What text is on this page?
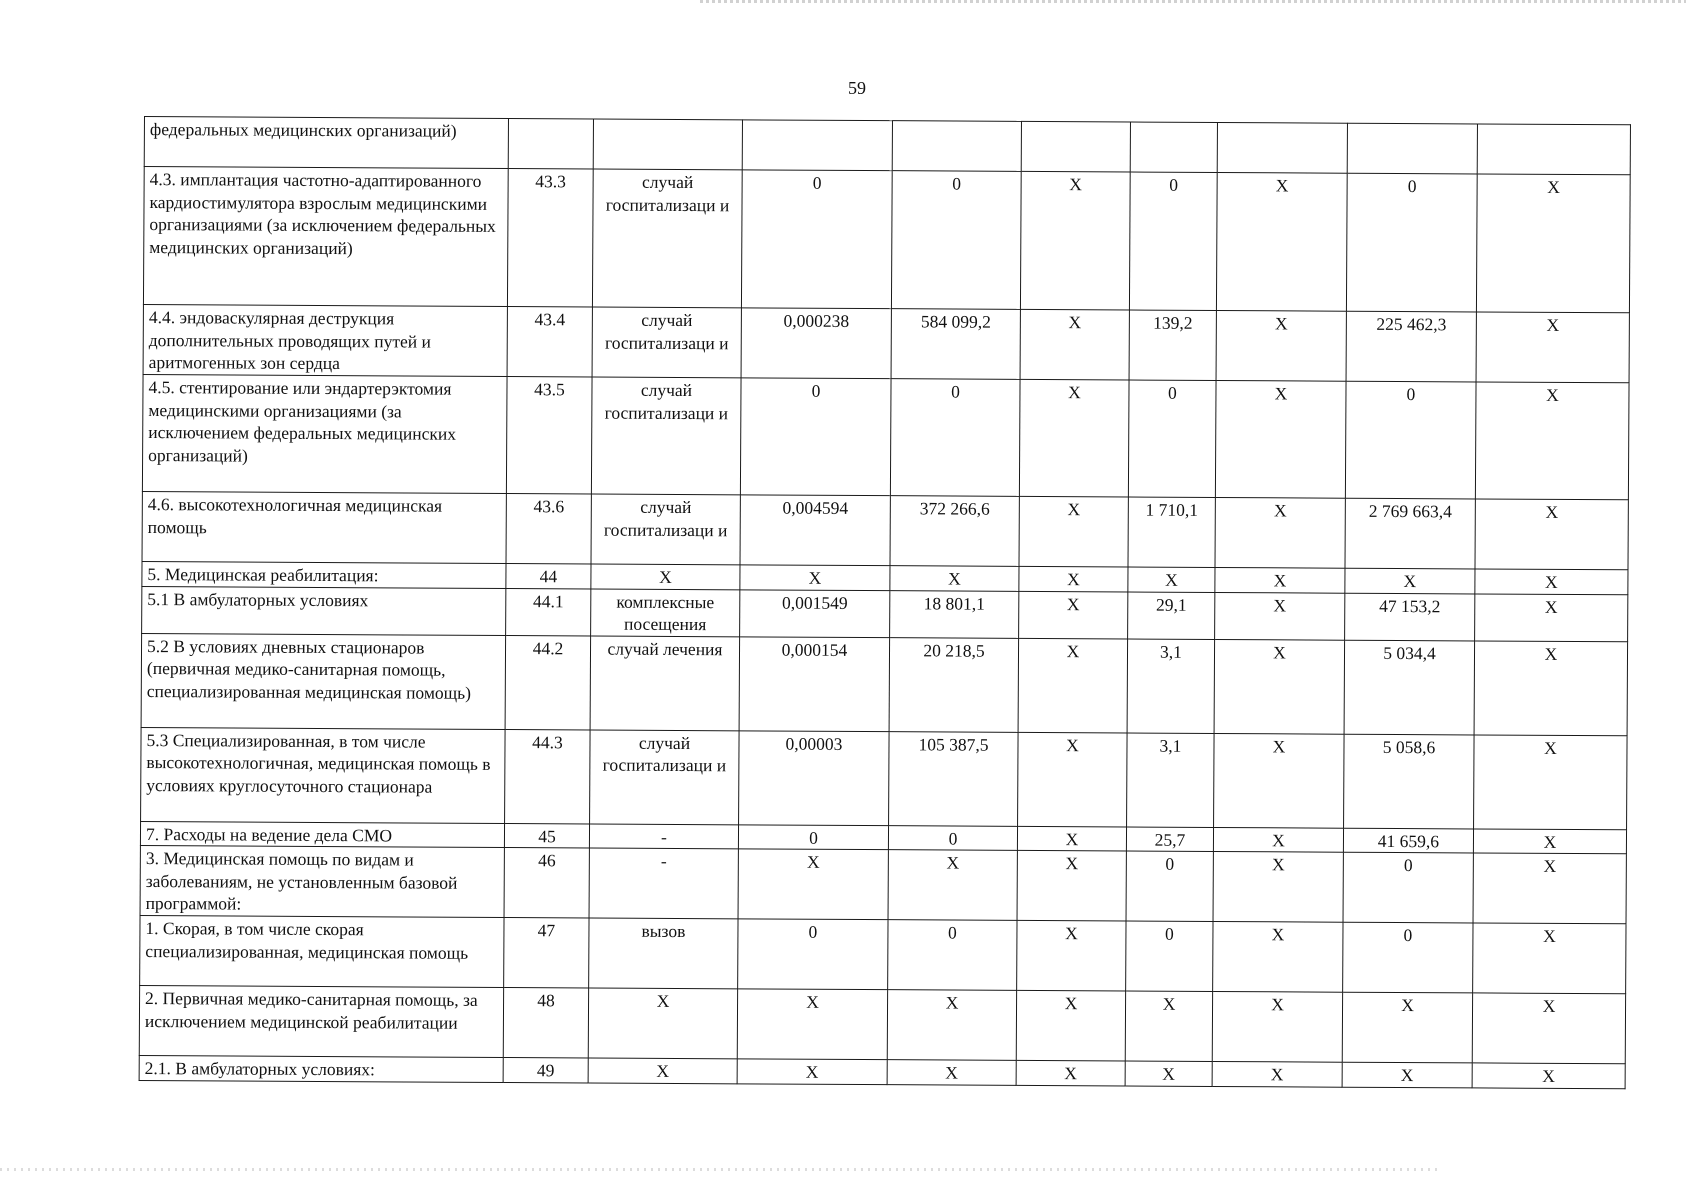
59
федеральных медицинских организаций)									
4.3. имплантация частотно-адаптированного кардиостимулятора взрослым медицинскими организациями (за исключением федеральных медицинских организаций)	43.3	случай госпитализаци и	0	0	X	0	X	0	X
4.4. эндоваскулярная деструкция дополнительных проводящих путей и аритмогенных зон сердца	43.4	случай госпитализаци и	0,000238	584 099,2	X	139,2	X	225 462,3	X
4.5. стентирование или эндартерэктомия медицинскими организациями (за исключением федеральных медицинских организаций)	43.5	случай госпитализаци и	0	0	X	0	X	0	X
4.6. высокотехнологичная медицинская помощь	43.6	случай госпитализаци и	0,004594	372 266,6	X	1 710,1	X	2 769 663,4	X
5. Медицинская реабилитация:	44	X	X	X	X	X	X	X	X
5.1 В амбулаторных условиях	44.1	комплексные посещения	0,001549	18 801,1	X	29,1	X	47 153,2	X
5.2 В условиях дневных стационаров (первичная медико-санитарная помощь, специализированная медицинская помощь)	44.2	случай лечения	0,000154	20 218,5	X	3,1	X	5 034,4	X
5.3 Специализированная, в том числе высокотехнологичная, медицинская помощь в условиях круглосуточного стационара	44.3	случай госпитализаци и	0,00003	105 387,5	X	3,1	X	5 058,6	X
7. Расходы на ведение дела СМО	45	-	0	0	X	25,7	X	41 659,6	X
3. Медицинская помощь по видам и заболеваниям, не установленным базовой программой:	46	-	X	X	X	0	X	0	X
1. Скорая, в том числе скорая специализированная, медицинская помощь	47	вызов	0	0	X	0	X	0	X
2. Первичная медико-санитарная помощь, за исключением медицинской реабилитации	48	X	X	X	X	X	X	X	X
2.1. В амбулаторных условиях:	49	X	X	X	X	X	X	X	X
